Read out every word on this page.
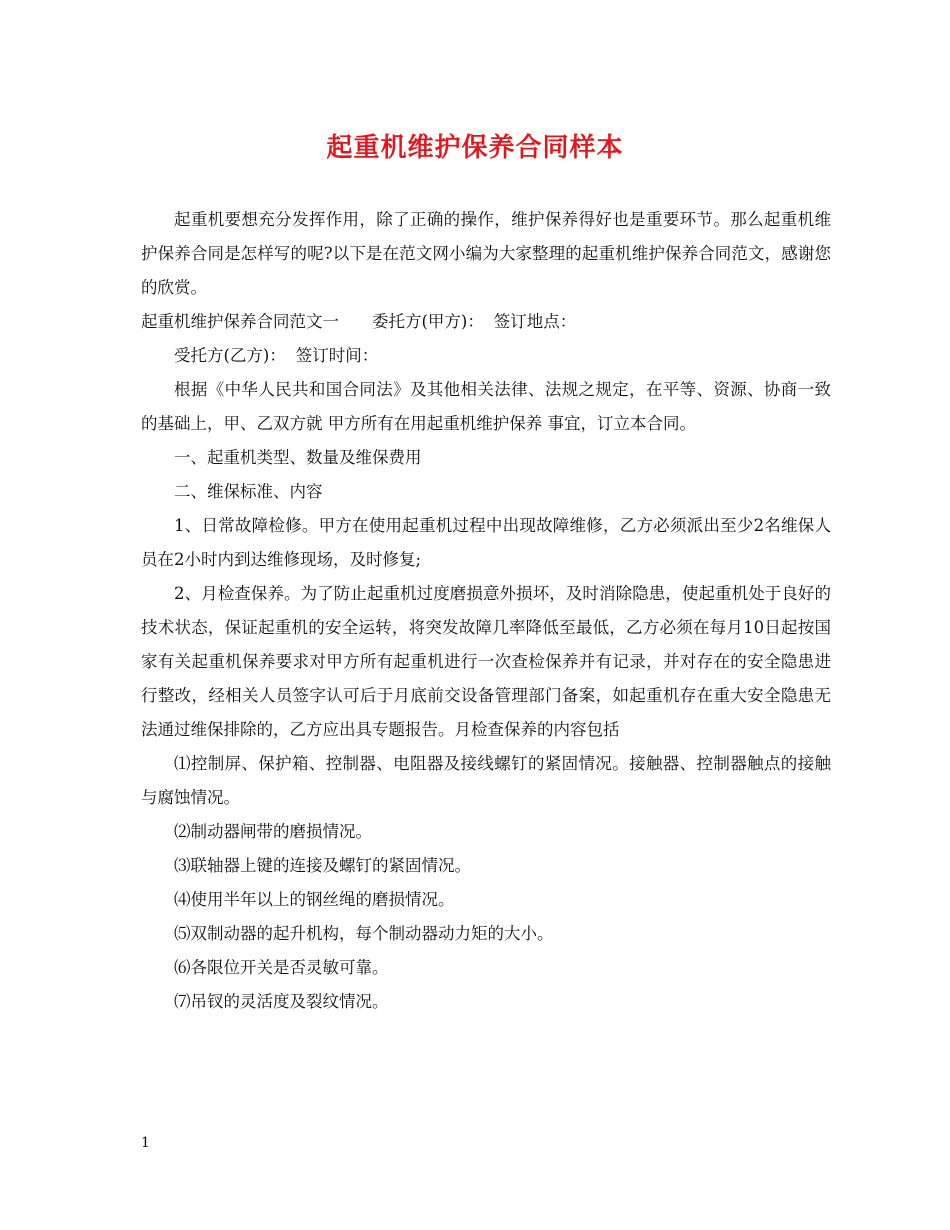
起重机维护保养合同样本

起重机要想充分发挥作用，除了正确的操作，维护保养得好也是重要环节。那么起重机维护保养合同是怎样写的呢?以下是在范文网小编为大家整理的起重机维护保养合同范文，感谢您的欣赏。

起重机维护保养合同范文一 委托方(甲方)： 签订地点：

受托方(乙方)： 签订时间：

根据《中华人民共和国合同法》及其他相关法律、法规之规定，在平等、资源、协商一致的基础上，甲、乙双方就 甲方所有在用起重机维护保养 事宜，订立本合同。

一、起重机类型、数量及维保费用

二、维保标准、内容

1、日常故障检修。甲方在使用起重机过程中出现故障维修，乙方必须派出至少2名维保人员在2小时内到达维修现场，及时修复;

2、月检查保养。为了防止起重机过度磨损意外损坏，及时消除隐患，使起重机处于良好的技术状态，保证起重机的安全运转，将突发故障几率降低至最低，乙方必须在每月10日起按国家有关起重机保养要求对甲方所有起重机进行一次查检保养并有记录，并对存在的安全隐患进行整改，经相关人员签字认可后于月底前交设备管理部门备案，如起重机存在重大安全隐患无法通过维保排除的，乙方应出具专题报告。月检查保养的内容包括

⑴控制屏、保护箱、控制器、电阻器及接线螺钉的紧固情况。接触器、控制器触点的接触与腐蚀情况。

⑵制动器闸带的磨损情况。

⑶联轴器上键的连接及螺钉的紧固情况。

⑷使用半年以上的钢丝绳的磨损情况。

⑸双制动器的起升机构，每个制动器动力矩的大小。

⑹各限位开关是否灵敏可靠。

⑺吊钗的灵活度及裂纹情况。

1
